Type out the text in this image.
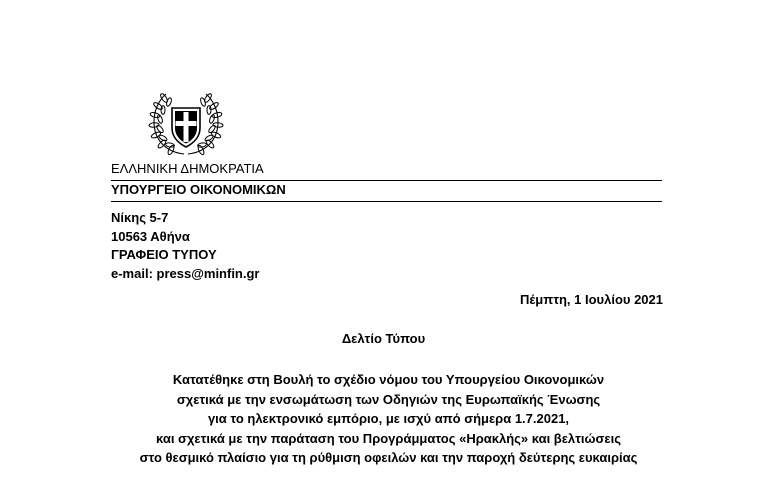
ΕΛΛΗΝΙΚΗ ΔΗΜΟΚΡΑΤΙΑ
ΥΠΟΥΡΓΕΙΟ ΟΙΚΟΝΟΜΙΚΩΝ
Νίκης 5-7
10563 Αθήνα
ΓΡΑΦΕΙΟ ΤΥΠΟΥ
e-mail: press@minfin.gr
Πέμπτη, 1 Ιουλίου 2021
Δελτίο Τύπου
Κατατέθηκε στη Βουλή το σχέδιο νόμου του Υπουργείου Οικονομικών
σχετικά με την ενσωμάτωση των Οδηγιών της Ευρωπαϊκής Ένωσης
για το ηλεκτρονικό εμπόριο, με ισχύ από σήμερα 1.7.2021,
και σχετικά με την παράταση του Προγράμματος «Ηρακλής» και βελτιώσεις
στο θεσμικό πλαίσιο για τη ρύθμιση οφειλών και την παροχή δεύτερης ευκαιρίας
